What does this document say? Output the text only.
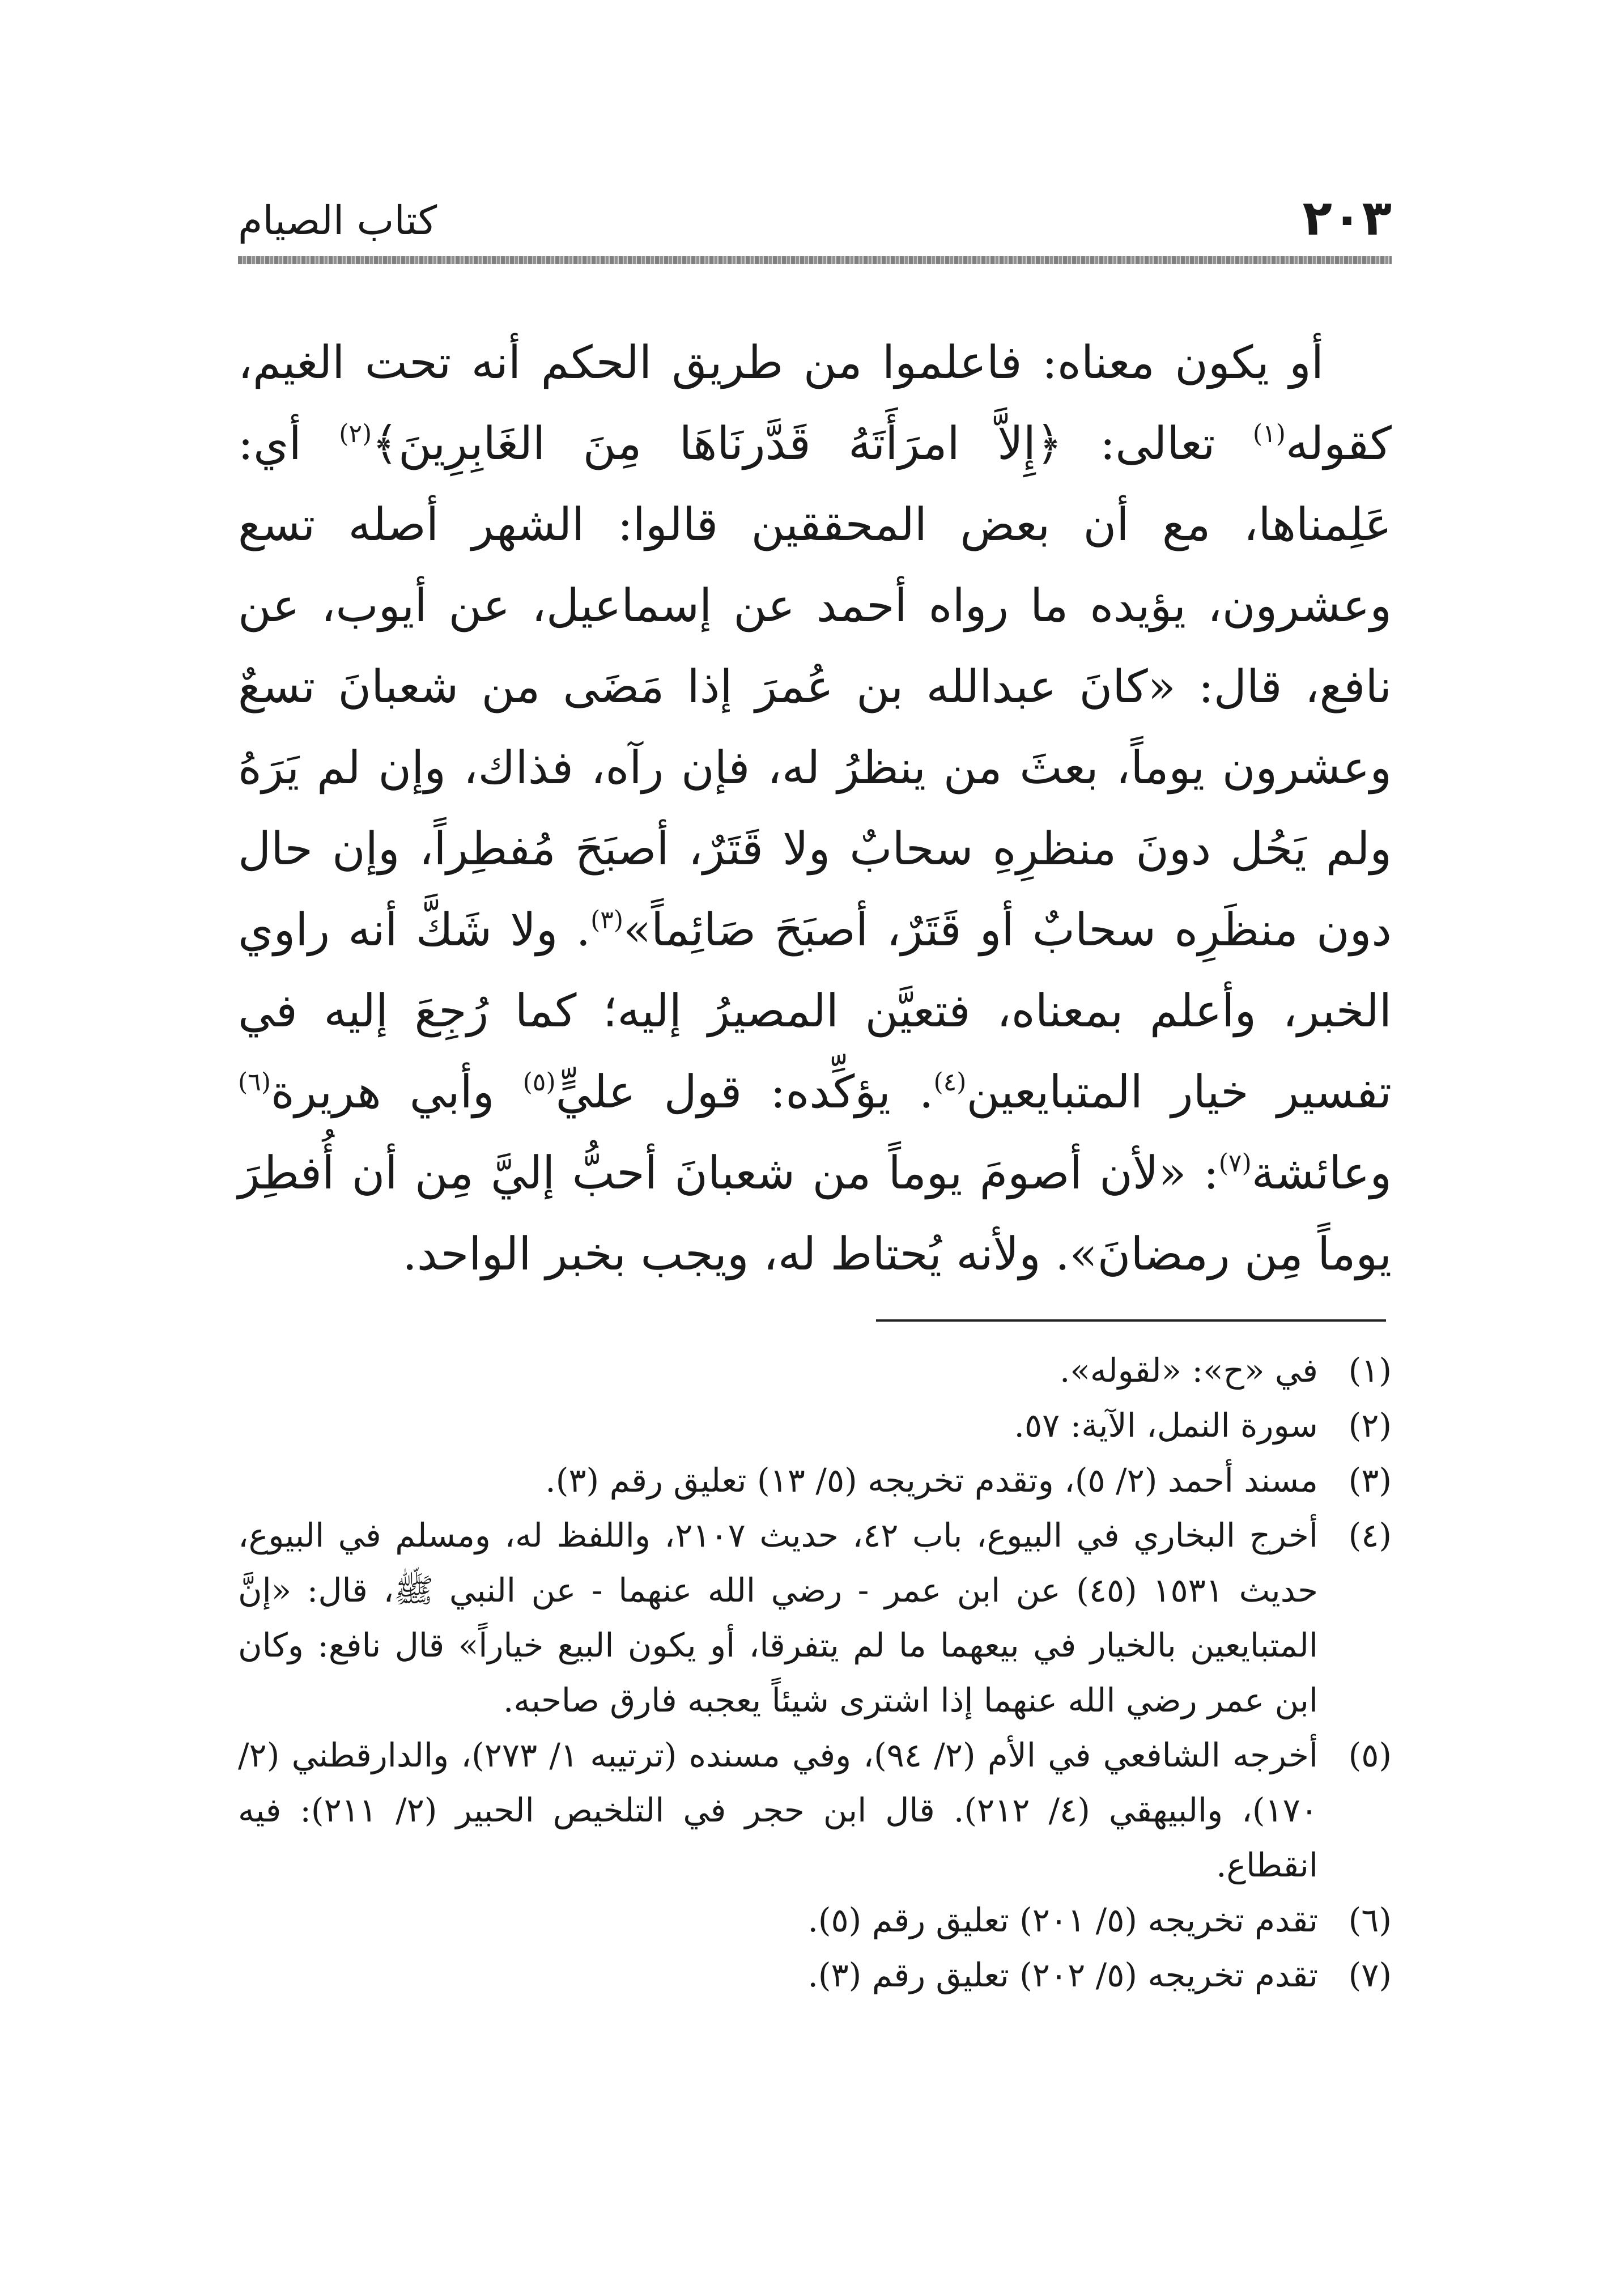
٢٠٣
كتاب الصيام

أو يكون معناه: فاعلموا من طريق الحكم أنه تحت الغيم، كقوله$^{(١)}$ تعالى: ﴿إِلاَّ امرَأَتَهُ قَدَّرنَاهَا مِنَ الغَابِرِينَ﴾$^{(٢)}$ أي: عَلِمناها، مع أن بعض المحققين قالوا: الشهر أصله تسع وعشرون، يؤيده ما رواه أحمد عن إسماعيل، عن أيوب، عن نافع، قال: «كانَ عبدالله بن عُمرَ إذا مَضَى من شعبانَ تسعٌ وعشرون يوماً، بعثَ من ينظرُ له، فإن رآه، فذاك، وإن لم يَرَهُ ولم يَحُل دونَ منظرِهِ سحابٌ ولا قَتَرٌ، أصبَحَ مُفطِراً، وإن حال دون منظَرِه سحابٌ أو قَتَرٌ، أصبَحَ صَائِماً»$^{(٣)}$. ولا شَكَّ أنه راوي الخبر، وأعلم بمعناه، فتعيَّن المصيرُ إليه؛ كما رُجِعَ إليه في تفسير خيار المتبايعين$^{(٤)}$. يؤكِّده: قول عليٍّ$^{(٥)}$ وأبي هريرة$^{(٦)}$ وعائشة$^{(٧)}$: «لأن أصومَ يوماً من شعبانَ أحبُّ إليَّ مِن أن أُفطِرَ يوماً مِن رمضانَ». ولأنه يُحتاط له، ويجب بخبر الواحد.

(١)
في «ح»: «لقوله».
(٢)
سورة النمل، الآية: ٥٧.
(٣)
مسند أحمد (٢/ ٥)، وتقدم تخريجه (٥/ ١٣) تعليق رقم (٣).
(٤)
أخرج البخاري في البيوع، باب ٤٢، حديث ٢١٠٧، واللفظ له، ومسلم في البيوع، حديث ١٥٣١ (٤٥) عن ابن عمر - رضي الله عنهما - عن النبي ﷺ، قال: «إنَّ المتبايعين بالخيار في بيعهما ما لم يتفرقا، أو يكون البيع خياراً» قال نافع: وكان ابن عمر رضي الله عنهما إذا اشترى شيئاً يعجبه فارق صاحبه.
(٥)
أخرجه الشافعي في الأم (٢/ ٩٤)، وفي مسنده (ترتيبه ١/ ٢٧٣)، والدارقطني (٢/ ١٧٠)، والبيهقي (٤/ ٢١٢). قال ابن حجر في التلخيص الحبير (٢/ ٢١١): فيه انقطاع.
(٦)
تقدم تخريجه (٥/ ٢٠١) تعليق رقم (٥).
(٧)
تقدم تخريجه (٥/ ٢٠٢) تعليق رقم (٣).
